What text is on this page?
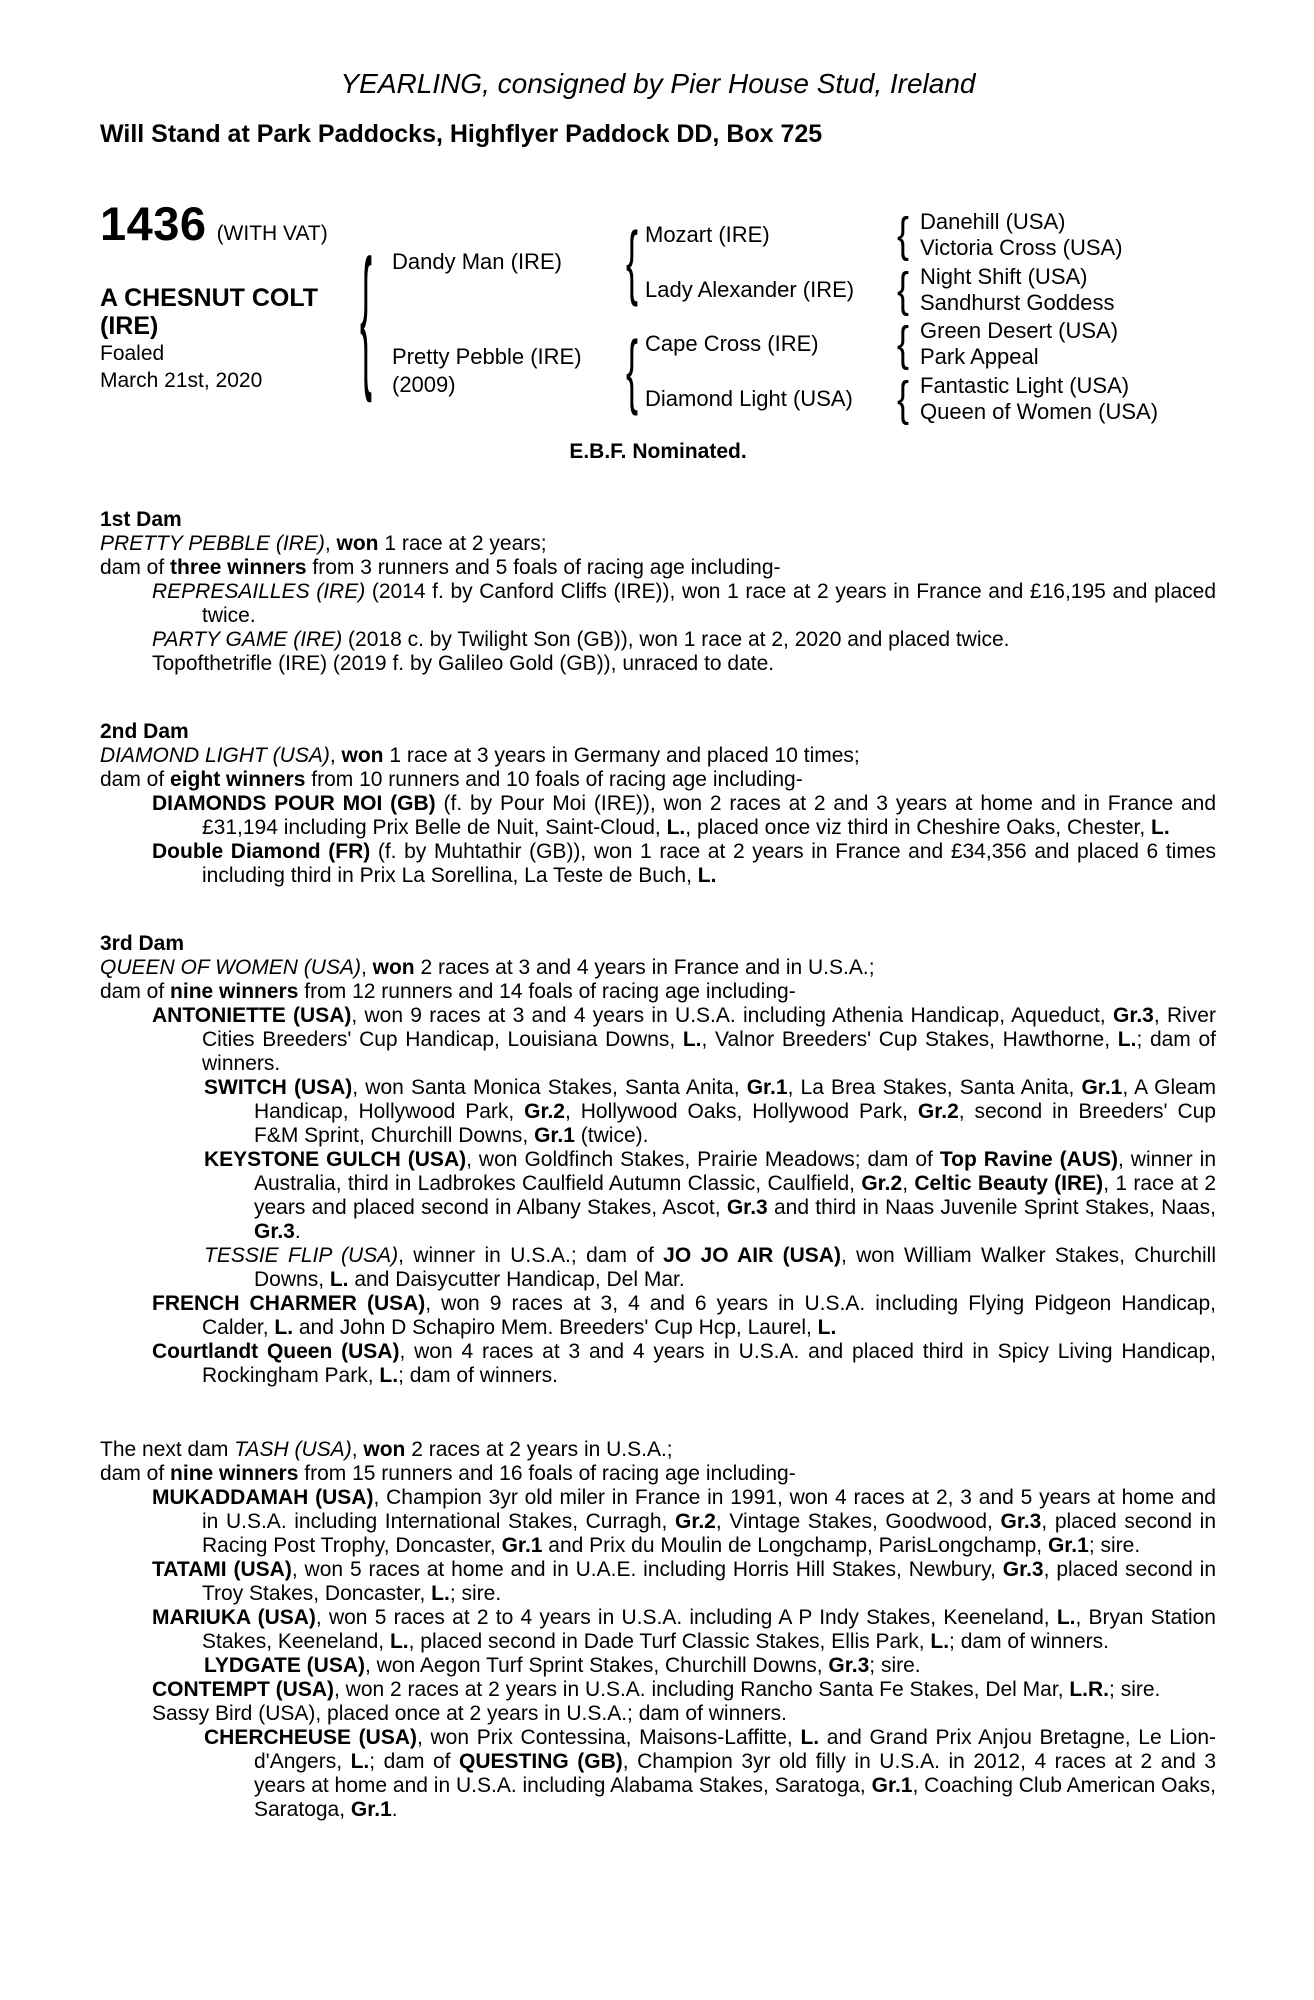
YEARLING, consigned by Pier House Stud, Ireland
Will Stand at Park Paddocks, Highflyer Paddock DD, Box 725
1436 (WITH VAT)
A CHESNUT COLT
(IRE)
Foaled
March 21st, 2020
Dandy Man (IRE)
Pretty Pebble (IRE)
(2009)
Mozart (IRE)
Lady Alexander (IRE)
Cape Cross (IRE)
Diamond Light (USA)
Danehill (USA)
Victoria Cross (USA)
Night Shift (USA)
Sandhurst Goddess
Green Desert (USA)
Park Appeal
Fantastic Light (USA)
Queen of Women (USA)
{	{
{
{
{
{
{
E.B.F. Nominated.
1st Dam

PRETTY PEBBLE (IRE), won 1 race at 2 years;

dam of three winners from 3 runners and 5 foals of racing age including-

REPRESAILLES (IRE) (2014 f. by Canford Cliffs (IRE)), won 1 race at 2 years in France and £16,195 and placed twice.

PARTY GAME (IRE) (2018 c. by Twilight Son (GB)), won 1 race at 2, 2020 and placed twice.

Topofthetrifle (IRE) (2019 f. by Galileo Gold (GB)), unraced to date.

2nd Dam

DIAMOND LIGHT (USA), won 1 race at 3 years in Germany and placed 10 times;

dam of eight winners from 10 runners and 10 foals of racing age including-

DIAMONDS POUR MOI (GB) (f. by Pour Moi (IRE)), won 2 races at 2 and 3 years at home and in France and £31,194 including Prix Belle de Nuit, Saint-Cloud, L., placed once viz third in Cheshire Oaks, Chester, L.

Double Diamond (FR) (f. by Muhtathir (GB)), won 1 race at 2 years in France and £34,356 and placed 6 times including third in Prix La Sorellina, La Teste de Buch, L.

3rd Dam

QUEEN OF WOMEN (USA), won 2 races at 3 and 4 years in France and in U.S.A.;

dam of nine winners from 12 runners and 14 foals of racing age including-

ANTONIETTE (USA), won 9 races at 3 and 4 years in U.S.A. including Athenia Handicap, Aqueduct, Gr.3, River Cities Breeders' Cup Handicap, Louisiana Downs, L., Valnor Breeders' Cup Stakes, Hawthorne, L.; dam of winners.

SWITCH (USA), won Santa Monica Stakes, Santa Anita, Gr.1, La Brea Stakes, Santa Anita, Gr.1, A Gleam Handicap, Hollywood Park, Gr.2, Hollywood Oaks, Hollywood Park, Gr.2, second in Breeders' Cup F&M Sprint, Churchill Downs, Gr.1 (twice).

KEYSTONE GULCH (USA), won Goldfinch Stakes, Prairie Meadows; dam of Top Ravine (AUS), winner in Australia, third in Ladbrokes Caulfield Autumn Classic, Caulfield, Gr.2, Celtic Beauty (IRE), 1 race at 2 years and placed second in Albany Stakes, Ascot, Gr.3 and third in Naas Juvenile Sprint Stakes, Naas, Gr.3.

TESSIE FLIP (USA), winner in U.S.A.; dam of JO JO AIR (USA), won William Walker Stakes, Churchill Downs, L. and Daisycutter Handicap, Del Mar.

FRENCH CHARMER (USA), won 9 races at 3, 4 and 6 years in U.S.A. including Flying Pidgeon Handicap, Calder, L. and John D Schapiro Mem. Breeders' Cup Hcp, Laurel, L.

Courtlandt Queen (USA), won 4 races at 3 and 4 years in U.S.A. and placed third in Spicy Living Handicap, Rockingham Park, L.; dam of winners.

The next dam TASH (USA), won 2 races at 2 years in U.S.A.;

dam of nine winners from 15 runners and 16 foals of racing age including-

MUKADDAMAH (USA), Champion 3yr old miler in France in 1991, won 4 races at 2, 3 and 5 years at home and in U.S.A. including International Stakes, Curragh, Gr.2, Vintage Stakes, Goodwood, Gr.3, placed second in Racing Post Trophy, Doncaster, Gr.1 and Prix du Moulin de Longchamp, ParisLongchamp, Gr.1; sire.

TATAMI (USA), won 5 races at home and in U.A.E. including Horris Hill Stakes, Newbury, Gr.3, placed second in Troy Stakes, Doncaster, L.; sire.

MARIUKA (USA), won 5 races at 2 to 4 years in U.S.A. including A P Indy Stakes, Keeneland, L., Bryan Station Stakes, Keeneland, L., placed second in Dade Turf Classic Stakes, Ellis Park, L.; dam of winners.

LYDGATE (USA), won Aegon Turf Sprint Stakes, Churchill Downs, Gr.3; sire.

CONTEMPT (USA), won 2 races at 2 years in U.S.A. including Rancho Santa Fe Stakes, Del Mar, L.R.; sire.

Sassy Bird (USA), placed once at 2 years in U.S.A.; dam of winners.

CHERCHEUSE (USA), won Prix Contessina, Maisons-Laffitte, L. and Grand Prix Anjou Bretagne, Le Lion-d'Angers, L.; dam of QUESTING (GB), Champion 3yr old filly in U.S.A. in 2012, 4 races at 2 and 3 years at home and in U.S.A. including Alabama Stakes, Saratoga, Gr.1, Coaching Club American Oaks, Saratoga, Gr.1.
